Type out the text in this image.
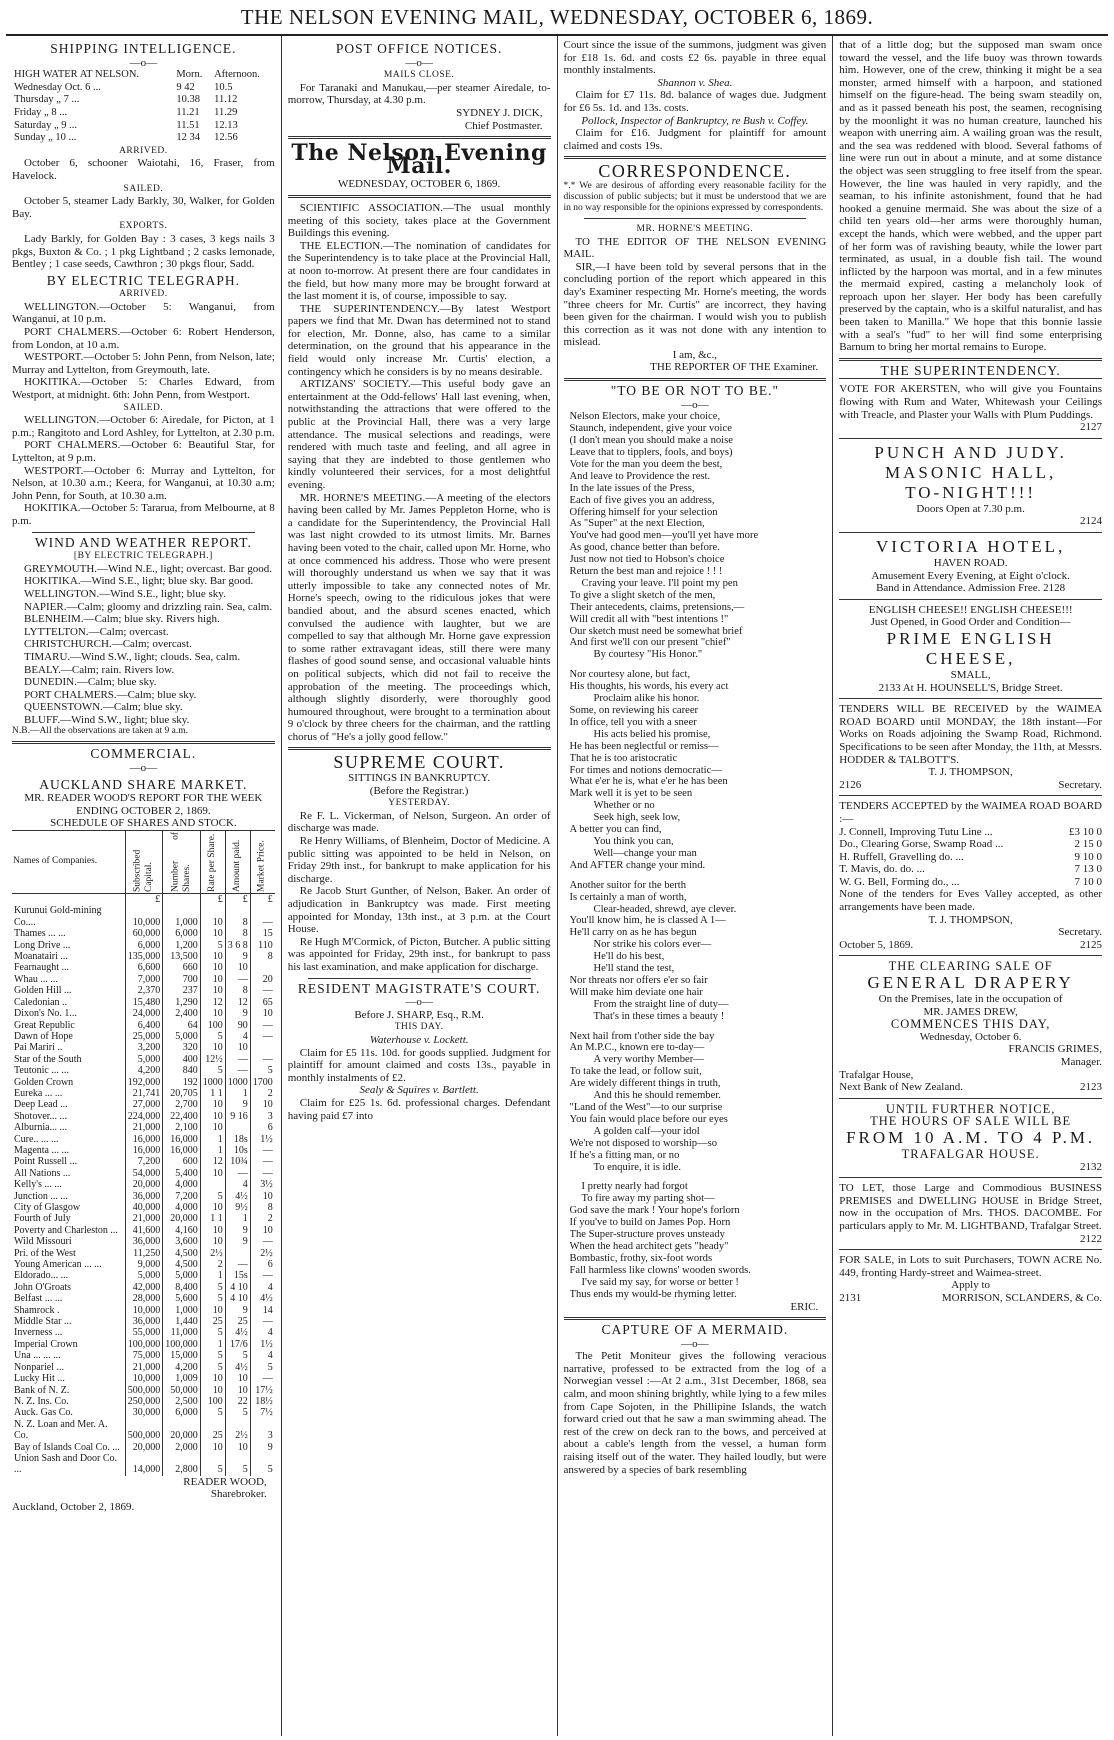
THE NELSON EVENING MAIL, WEDNESDAY, OCTOBER 6, 1869.
SHIPPING INTELLIGENCE.
—o—
HIGH WATER AT NELSON.	Morn.	Afternoon.
Wednesday Oct. 6 ...	9 42	10.5
Thursday „ 7 ...	10.38	11.12
Friday „ 8 ...	11.21	11.29
Saturday „ 9 ...	11.51	12.13
Sunday „ 10 ...	12 34	12.56
ARRIVED.
October 6, schooner Waiotahi, 16, Fraser, from Havelock.
SAILED.
October 5, steamer Lady Barkly, 30, Walker, for Golden Bay.
EXPORTS.
Lady Barkly, for Golden Bay : 3 cases, 3 kegs nails 3 pkgs, Buxton & Co. ; 1 pkg Lightband ; 2 casks lemonade, Bentley ; 1 case seeds, Cawthron ; 30 pkgs flour, Sadd.
BY ELECTRIC TELEGRAPH.
ARRIVED.
WELLINGTON.—October 5: Wanganui, from Wanganui, at 10 p.m.
PORT CHALMERS.—October 6: Robert Henderson, from London, at 10 a.m.
WESTPORT.—October 5: John Penn, from Nelson, late; Murray and Lyttelton, from Greymouth, late.
HOKITIKA.—October 5: Charles Edward, from Westport, at midnight. 6th: John Penn, from Westport.
SAILED.
WELLINGTON.—October 6: Airedale, for Picton, at 1 p.m.; Rangitoto and Lord Ashley, for Lyttelton, at 2.30 p.m.
PORT CHALMERS.—October 6: Beautiful Star, for Lyttelton, at 9 p.m.
WESTPORT.—October 6: Murray and Lyttelton, for Nelson, at 10.30 a.m.; Keera, for Wanganui, at 10.30 a.m; John Penn, for South, at 10.30 a.m.
HOKITIKA.—October 5: Tararua, from Melbourne, at 8 p.m.
WIND AND WEATHER REPORT.
[BY ELECTRIC TELEGRAPH.]
GREYMOUTH.—Wind N.E., light; overcast. Bar good.
HOKITIKA.—Wind S.E., light; blue sky. Bar good.
WELLINGTON.—Wind S.E., light; blue sky.
NAPIER.—Calm; gloomy and drizzling rain. Sea, calm.
BLENHEIM.—Calm; blue sky. Rivers high.
LYTTELTON.—Calm; overcast.
CHRISTCHURCH.—Calm; overcast.
TIMARU.—Wind S.W., light; clouds. Sea, calm.
BEALY.—Calm; rain. Rivers low.
DUNEDIN.—Calm; blue sky.
PORT CHALMERS.—Calm; blue sky.
QUEENSTOWN.—Calm; blue sky.
BLUFF.—Wind S.W., light; blue sky.
N.B.—All the observations are taken at 9 a.m.
COMMERCIAL.
—o—
AUCKLAND SHARE MARKET.
MR. READER WOOD'S REPORT FOR THE WEEK ENDING OCTOBER 2, 1869.
SCHEDULE OF SHARES AND STOCK.
Names of Companies.	Subscribed Capital.	Number of Shares.	Rate per Share.	Amount paid.	Market Price.
	£		£	£	£
Kurunui Gold-mining Co....	10,000	1,000	10	8	—
Thames ... ...	60,000	6,000	10	8	15
Long Drive ...	6,000	1,200	5	3 6 8	110
Moanatairi ...	135,000	13,500	10	9	8
Fearnaught ...	6,600	660	10	10	
Whau ... ...	7,000	700	10	—	20
Golden Hill ...	2,370	237	10	8	—
Caledonian ..	15,480	1,290	12	12	65
Dixon's No. 1...	24,000	2,400	10	9	10
Great Republic	6,400	64	100	90	—
Dawn of Hope	25,000	5,000	5	4	—
Pai Mariri ..	3,200	320	10	10	
Star of the South	5,000	400	12½	—	—
Teutonic ... ...	4,200	840	5	—	5
Golden Crown	192,000	192	1000	1000	1700
Eureka ... ...	21,741	20,705	1 1	1	2
Deep Lead ...	27,000	2,700	10	9	10
Shotover... ...	224,000	22,400	10	9 16	3
Alburnia... ...	21,000	2,100	10		6
Cure.. ... ...	16,000	16,000	1	18s	1½
Magenta ... ...	16,000	16,000	1	10s	—
Point Russell ...	7,200	600	12	10¾	—
All Nations ...	54,000	5,400	10	—	—
Kelly's ... ...	20,000	4,000		4	3½
Junction ... ...	36,000	7,200	5	4½	10
City of Glasgow	40,000	4,000	10	9½	8
Fourth of July	21,000	20,000	1 1	1	2
Poverty and Charleston ...	41,600	4,160	10	9	10
Wild Missouri	36,000	3,600	10	9	—
Pri. of the West	11,250	4,500	2½		2½
Young American ... ...	9,000	4,500	2	—	6
Eldorado... ...	5,000	5,000	1	15s	—
John O'Groats	42,000	8,400	5	4 10	4
Belfast ... ...	28,000	5,600	5	4 10	4½
Shamrock .	10,000	1,000	10	9	14
Middle Star ...	36,000	1,440	25	25	—
Inverness ...	55,000	11,000	5	4½	4
Imperial Crown	100,000	100,000	1	17/6	1½
Una ... ... ...	75,000	15,000	5	5	4
Nonpariel ...	21,000	4,200	5	4½	5
Lucky Hit ...	10,000	1,009	10	10	—
Bank of N. Z.	500,000	50,000	10	10	17½
N. Z. Ins. Co.	250,000	2,500	100	22	18½
Auck. Gas Co.	30,000	6,000	5	5	7½
N. Z. Loan and Mer. A. Co.	500,000	20,000	25	2½	3
Bay of Islands Coal Co. ...	20,000	2,000	10	10	9
Union Sash and Door Co. ...	14,000	2,800	5	5	5
READER WOOD,
Sharebroker.
Auckland, October 2, 1869.
POST OFFICE NOTICES.
—o—
MAILS CLOSE.
For Taranaki and Manukau,—per steamer Airedale, to-morrow, Thursday, at 4.30 p.m.
SYDNEY J. DICK,
Chief Postmaster.
The Nelson Evening Mail.
WEDNESDAY, OCTOBER 6, 1869.
SCIENTIFIC ASSOCIATION.—The usual monthly meeting of this society, takes place at the Government Buildings this evening.
THE ELECTION.—The nomination of candidates for the Superintendency is to take place at the Provincial Hall, at noon to-morrow. At present there are four candidates in the field, but how many more may be brought forward at the last moment it is, of course, impossible to say.
THE SUPERINTENDENCY.—By latest Westport papers we find that Mr. Dwan has determined not to stand for election, Mr. Donne, also, has came to a similar determination, on the ground that his appearance in the field would only increase Mr. Curtis' election, a contingency which he considers is by no means desirable.
ARTIZANS' SOCIETY.—This useful body gave an entertainment at the Odd-fellows' Hall last evening, when, notwithstanding the attractions that were offered to the public at the Provincial Hall, there was a very large attendance. The musical selections and readings, were rendered with much taste and feeling, and all agree in saying that they are indebted to those gentlemen who kindly volunteered their services, for a most delightful evening.
MR. HORNE'S MEETING.—A meeting of the electors having been called by Mr. James Peppleton Horne, who is a candidate for the Superintendency, the Provincial Hall was last night crowded to its utmost limits. Mr. Barnes having been voted to the chair, called upon Mr. Horne, who at once commenced his address. Those who were present will thoroughly understand us when we say that it was utterly impossible to take any connected notes of Mr. Horne's speech, owing to the ridiculous jokes that were bandied about, and the absurd scenes enacted, which convulsed the audience with laughter, but we are compelled to say that although Mr. Horne gave expression to some rather extravagant ideas, still there were many flashes of good sound sense, and occasional valuable hints on political subjects, which did not fail to receive the approbation of the meeting. The proceedings which, although slightly disorderly, were thoroughly good humoured throughout, were brought to a termination about 9 o'clock by three cheers for the chairman, and the rattling chorus of "He's a jolly good fellow."
SUPREME COURT.
SITTINGS IN BANKRUPTCY.
(Before the Registrar.)
YESTERDAY.
Re F. L. Vickerman, of Nelson, Surgeon. An order of discharge was made.
Re Henry Williams, of Blenheim, Doctor of Medicine. A public sitting was appointed to be held in Nelson, on Friday 29th inst., for bankrupt to make application for his discharge.
Re Jacob Sturt Gunther, of Nelson, Baker. An order of adjudication in Bankruptcy was made. First meeting appointed for Monday, 13th inst., at 3 p.m. at the Court House.
Re Hugh M'Cormick, of Picton, Butcher. A public sitting was appointed for Friday, 29th inst., for bankrupt to pass his last examination, and make application for discharge.
RESIDENT MAGISTRATE'S COURT.
—o—
Before J. SHARP, Esq., R.M.
THIS DAY.
Waterhouse v. Lockett.
Claim for £5 11s. 10d. for goods supplied. Judgment for plaintiff for amount claimed and costs 13s., payable in monthly instalments of £2.
Sealy & Squires v. Bartlett.
Claim for £25 1s. 6d. professional charges. Defendant having paid £7 into
Court since the issue of the summons, judgment was given for £18 1s. 6d. and costs £2 6s. payable in three equal monthly instalments.
Shannon v. Shea.
Claim for £7 11s. 8d. balance of wages due. Judgment for £6 5s. 1d. and 13s. costs.
Pollock, Inspector of Bankruptcy, re Bush v. Coffey.
Claim for £16. Judgment for plaintiff for amount claimed and costs 19s.
CORRESPONDENCE.
*.* We are desirous of affording every reasonable facility for the discussion of public subjects; but it must be understood that we are in no way responsible for the opinions expressed by correspondents.
MR. HORNE'S MEETING.
TO THE EDITOR OF THE NELSON EVENING MAIL.
SIR,—I have been told by several persons that in the concluding portion of the report which appeared in this day's Examiner respecting Mr. Horne's meeting, the words "three cheers for Mr. Curtis" are incorrect, they having been given for the chairman. I would wish you to publish this correction as it was not done with any intention to mislead.
I am, &c.,
THE REPORTER OF THE Examiner.
"TO BE OR NOT TO BE."
—o—
Nelson Electors, make your choice,
Staunch, independent, give your voice
(I don't mean you should make a noise
Leave that to tipplers, fools, and boys)
Vote for the man you deem the best,
And leave to Providence the rest.
In the late issues of the Press,
Each of five gives you an address,
Offering himself for your selection
As "Super" at the next Election,
You've had good men—you'll yet have more
As good, chance better than before.
Just now not tied to Hobson's choice
Return the best man and rejoice ! ! !
Craving your leave. I'll point my pen
To give a slight sketch of the men,
Their antecedents, claims, pretensions,—
Will credit all with "best intentions !"
Our sketch must need be somewhat brief
And first we'll con our present "chief"
By courtesy "His Honor."
Nor courtesy alone, but fact,
His thoughts, his words, his every act
Proclaim alike his honor.
Some, on reviewing his career
In office, tell you with a sneer
His acts belied his promise,
He has been neglectful or remiss—
That he is too aristocratic
For times and notions democratic—
What e'er he is, what e'er he has been
Mark well it is yet to be seen
Whether or no
Seek high, seek low,
A better you can find,
You think you can,
Well—change your man
And AFTER change your mind.
Another suitor for the berth
Is certainly a man of worth,
Clear-headed, shrewd, aye clever.
You'll know him, he is classed A 1—
He'll carry on as he has begun
Nor strike his colors ever—
He'll do his best,
He'll stand the test,
Nor threats nor offers e'er so fair
Will make him deviate one hair
From the straight line of duty—
That's in these times a beauty !
Next hail from t'other side the bay
An M.P.C., known ere to-day—
A very worthy Member—
To take the lead, or follow suit,
Are widely different things in truth,
And this he should remember.
"Land of the West"—to our surprise
You fain would place before our eyes
A golden calf—your idol
We're not disposed to worship—so
If he's a fitting man, or no
To enquire, it is idle.
I pretty nearly had forgot
To fire away my parting shot—
God save the mark ! Your hope's forlorn
If you've to build on James Pop. Horn
The Super-structure proves unsteady
When the head architect gets "heady"
Bombastic, frothy, six-foot words
Fall harmless like clowns' wooden swords.
I've said my say, for worse or better !
Thus ends my would-be rhyming letter.
ERIC.
CAPTURE OF A MERMAID.
—o—
The Petit Moniteur gives the following veracious narrative, professed to be extracted from the log of a Norwegian vessel :—At 2 a.m., 31st December, 1868, sea calm, and moon shining brightly, while lying to a few miles from Cape Sojoten, in the Phillipine Islands, the watch forward cried out that he saw a man swimming ahead. The rest of the crew on deck ran to the bows, and perceived at about a cable's length from the vessel, a human form raising itself out of the water. They hailed loudly, but were answered by a species of bark resembling
that of a little dog; but the supposed man swam once toward the vessel, and the life buoy was thrown towards him. However, one of the crew, thinking it might be a sea monster, armed himself with a harpoon, and stationed himself on the figure-head. The being swam steadily on, and as it passed beneath his post, the seamen, recognising by the moonlight it was no human creature, launched his weapon with unerring aim. A wailing groan was the result, and the sea was reddened with blood. Several fathoms of line were run out in about a minute, and at some distance the object was seen struggling to free itself from the spear. However, the line was hauled in very rapidly, and the seaman, to his infinite astonishment, found that he had hooked a genuine mermaid. She was about the size of a child ten years old—her arms were thoroughly human, except the hands, which were webbed, and the upper part of her form was of ravishing beauty, while the lower part terminated, as usual, in a double fish tail. The wound inflicted by the harpoon was mortal, and in a few minutes the mermaid expired, casting a melancholy look of reproach upon her slayer. Her body has been carefully preserved by the captain, who is a skilful naturalist, and has been taken to Manilla." We hope that this bonnie lassie with a seal's "fud" to her will find some enterprising Barnum to bring her mortal remains to Europe.
THE SUPERINTENDENCY.
VOTE FOR AKERSTEN, who will give you Fountains flowing with Rum and Water, Whitewash your Ceilings with Treacle, and Plaster your Walls with Plum Puddings.
2127
PUNCH AND JUDY.
MASONIC HALL,
TO-NIGHT!!!
Doors Open at 7.30 p.m.
2124
VICTORIA HOTEL,
HAVEN ROAD.
Amusement Every Evening, at Eight o'clock.
Band in Attendance. Admission Free. 2128
ENGLISH CHEESE!! ENGLISH CHEESE!!!
Just Opened, in Good Order and Condition—
PRIME ENGLISH CHEESE,
SMALL,
2133 At H. HOUNSELL'S, Bridge Street.
TENDERS WILL BE RECEIVED by the WAIMEA ROAD BOARD until MONDAY, the 18th instant—For Works on Roads adjoining the Swamp Road, Richmond. Specifications to be seen after Monday, the 11th, at Messrs. HODDER & TALBOTT'S.
T. J. THOMPSON,
2126	Secretary.
TENDERS ACCEPTED by the WAIMEA ROAD BOARD :—
J. Connell, Improving Tutu Line ...	£3 10 0
Do., Clearing Gorse, Swamp Road ...	2 15 0
H. Ruffell, Gravelling do. ...	9 10 0
T. Mavis, do. do. ...	7 13 0
W. G. Bell, Forming do., ...	7 10 0
None of the tenders for Eves Valley accepted, as other arrangements have been made.
T. J. THOMPSON,
Secretary.
October 5, 1869.	2125
THE CLEARING SALE OF
GENERAL DRAPERY
On the Premises, late in the occupation of
MR. JAMES DREW,
COMMENCES THIS DAY,
Wednesday, October 6.
FRANCIS GRIMES,
Manager.
Trafalgar House,
Next Bank of New Zealand.	2123
UNTIL FURTHER NOTICE,
THE HOURS OF SALE WILL BE
FROM 10 A.M. TO 4 P.M.
TRAFALGAR HOUSE.
2132
TO LET, those Large and Commodious BUSINESS PREMISES and DWELLING HOUSE in Bridge Street, now in the occupation of Mrs. THOS. DACOMBE. For particulars apply to Mr. M. LIGHTBAND, Trafalgar Street.
2122
FOR SALE, in Lots to suit Purchasers, TOWN ACRE No. 449, fronting Hardy-street and Waimea-street.
Apply to
2131	MORRISON, SCLANDERS, & Co.
